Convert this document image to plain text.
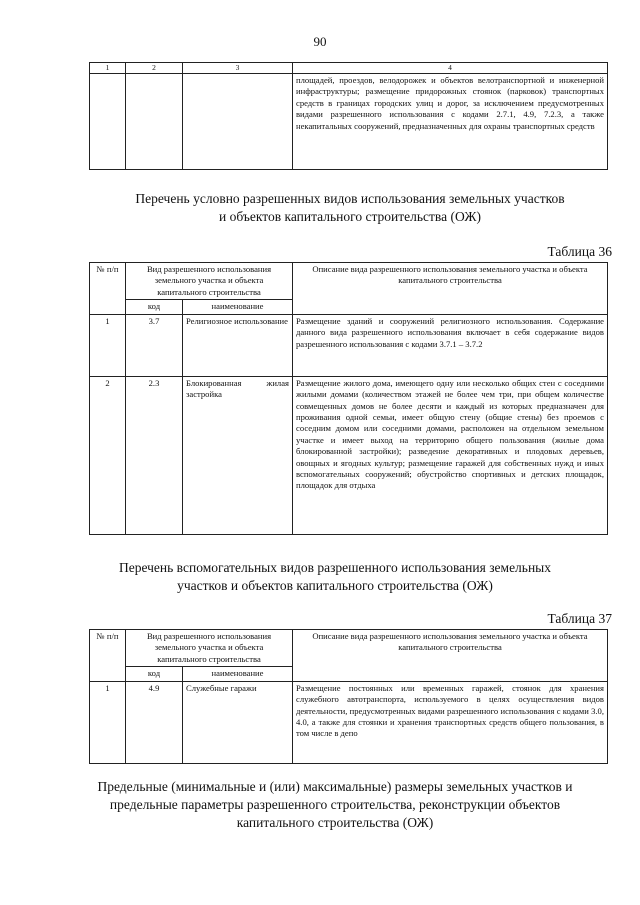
90
1	2	3	4
			площадей, проездов, велодорожек и объектов велотранспортной и инженерной инфраструктуры; размещение придорожных стоянок (парковок) транспортных средств в границах городских улиц и дорог, за исключением предусмотренных видами разрешенного использования с кодами 2.7.1, 4.9, 7.2.3, а также некапитальных сооружений, предназначенных для охраны транспортных средств
Перечень условно разрешенных видов использования земельных участков и объектов капитального строительства (ОЖ)
Таблица 36
№ п/п	Вид разрешенного использования земельного участка и объекта капитального строительства		Описание вида разрешенного использования земельного участка и объекта капитального строительства
	код	наименование	
1	3.7	Религиозное использование	Размещение зданий и сооружений религиозного использования. Содержание данного вида разрешенного использования включает в себя содержание видов разрешенного использования с кодами 3.7.1 – 3.7.2
2	2.3	Блокированная жилая застройка	Размещение жилого дома, имеющего одну или несколько общих стен с соседними жилыми домами (количеством этажей не более чем три, при общем количестве совмещенных домов не более десяти и каждый из которых предназначен для проживания одной семьи, имеет общую стену (общие стены) без проемов с соседним домом или соседними домами, расположен на отдельном земельном участке и имеет выход на территорию общего пользования (жилые дома блокированной застройки); разведение декоративных и плодовых деревьев, овощных и ягодных культур; размещение гаражей для собственных нужд и иных вспомогательных сооружений; обустройство спортивных и детских площадок, площадок для отдыха
Перечень вспомогательных видов разрешенного использования земельных участков и объектов капитального строительства (ОЖ)
Таблица 37
№ п/п	Вид разрешенного использования земельного участка и объекта капитального строительства		Описание вида разрешенного использования земельного участка и объекта капитального строительства
	код	наименование	
1	4.9	Служебные гаражи	Размещение постоянных или временных гаражей, стоянок для хранения служебного автотранспорта, используемого в целях осуществления видов деятельности, предусмотренных видами разрешенного использования с кодами 3.0, 4.0, а также для стоянки и хранения транспортных средств общего пользования, в том числе в депо
Предельные (минимальные и (или) максимальные) размеры земельных участков и предельные параметры разрешенного строительства, реконструкции объектов капитального строительства (ОЖ)
